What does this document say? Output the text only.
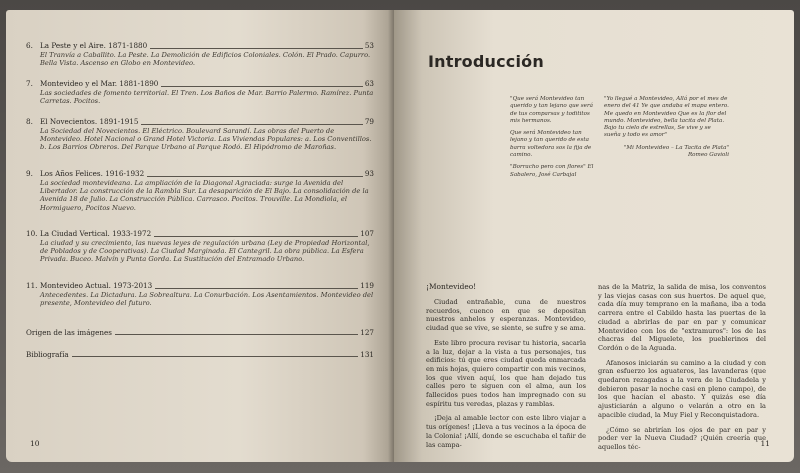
6. La Peste y el Aire. 1871-1880	53
El Tranvía a Caballito. La Peste. La Demolición de Edificios Coloniales. Colón. El Prado. Capurro. Bella Vista. Ascenso en Globo en Montevideo.
7. Montevideo y el Mar. 1881-1890	63
Las sociedades de fomento territorial. El Tren. Los Baños de Mar. Barrio Palermo. Ramírez. Punta Carretas. Pocitos.
8. El Novecientos. 1891-1915	79
La Sociedad del Novecientos. El Eléctrico. Boulevard Sarandí. Las obras del Puerto de Montevideo. Hotel Nacional o Grand Hotel Victoria. Las Viviendas Populares: a. Los Conventillos. b. Los Barrios Obreros. Del Parque Urbano al Parque Rodó. El Hipódromo de Maroñas.
9. Los Años Felices. 1916-1932	93
La sociedad montevideana. La ampliación de la Diagonal Agraciada: surge la Avenida del Libertador. La construcción de la Rambla Sur. La desaparición de El Bajo. La consolidación de la Avenida 18 de Julio. La Construcción Pública. Carrasco. Pocitos. Trouville. La Mondiola, el Hormiguero, Pocitos Nuevo.
10. La Ciudad Vertical. 1933-1972	107
La ciudad y su crecimiento, las nuevas leyes de regulación urbana (Ley de Propiedad Horizontal, de Poblados y de Cooperativas). La Ciudad Marginada. El Cantegril. La obra pública. La Esfera Privada. Buceo. Malvín y Punta Gorda. La Sustitución del Entramado Urbano.
11. Montevideo Actual. 1973-2013	119
Antecedentes. La Dictadura. La Sobrealtura. La Conurbación. Los Asentamientos. Montevideo del presente, Montevideo del futuro.
Origen de las imágenes	127
Bibliografía	131
10
Introducción

"Que será Montevideo tan querido y tan lejano que será de tus comparsas y todititos mis hermanos.

Que será Montevideo tan lejano y tan querido de esta barra voltedora sos la fija de camino.

"Borracho pero con flores" El Sabalero, José Carbajal

"Yo llegué a Montevideo, Allá por el mes de enero del 41 Ye que andaba el mapa entero. Me quedo en Montevideo Que es la flor del mundo. Montevideo, bella tacita del Plata. Bajo tu cielo de estrellas, Se vive y se sueña y todo es amor"

"Mi Montevideo – La Tacita de Plata" Romeo Gavioli

¡Montevideo!

Ciudad entrañable, cuna de nuestros recuerdos, cuenco en que se depositan nuestros anhelos y esperanzas. Montevideo, ciudad que se vive, se siente, se sufre y se ama.

Este libro procura revisar tu historia, sacarla a la luz, dejar a la vista a tus personajes, tus edificios: tú que eres ciudad queda enmarcada en mis hojas, quiero compartir con mis vecinos, los que viven aquí, los que han dejado tus calles pero te siguen con el alma, aun los fallecidos pues todos han impregnado con su espíritu tus veredas, plazas y ramblas.

¡Deja al amable lector con este libro viajar a tus orígenes! ¡Lleva a tus vecinos a la época de la Colonia! ¡Allí, donde se escuchaba el tañir de las campa-

nas de la Matriz, la salida de misa, los conventos y las viejas casas con sus huertos. De aquel que, cada día muy temprano en la mañana, iba a toda carrera entre el Cabildo hasta las puertas de la ciudad a abrirlas de par en par y comunicar Montevideo con los de "extramuros": los de las chacras del Miguelete, los pueblerinos del Cordón o de la Aguada.

Afanosos iniciarán su camino a la ciudad y con gran esfuerzo los aguateros, las lavanderas (que quedaron rezagadas a la vera de la Ciudadela y debieron pasar la noche casi en pleno campo), de los que hacían el abasto. Y quizás ese día ajusticiarán a alguno o velarán a otro en la apacible ciudad, la Muy Fiel y Reconquistadora.

¿Cómo se abrirían los ojos de par en par y poder ver la Nueva Ciudad? ¡Quién creería que aquellos téc-	11
